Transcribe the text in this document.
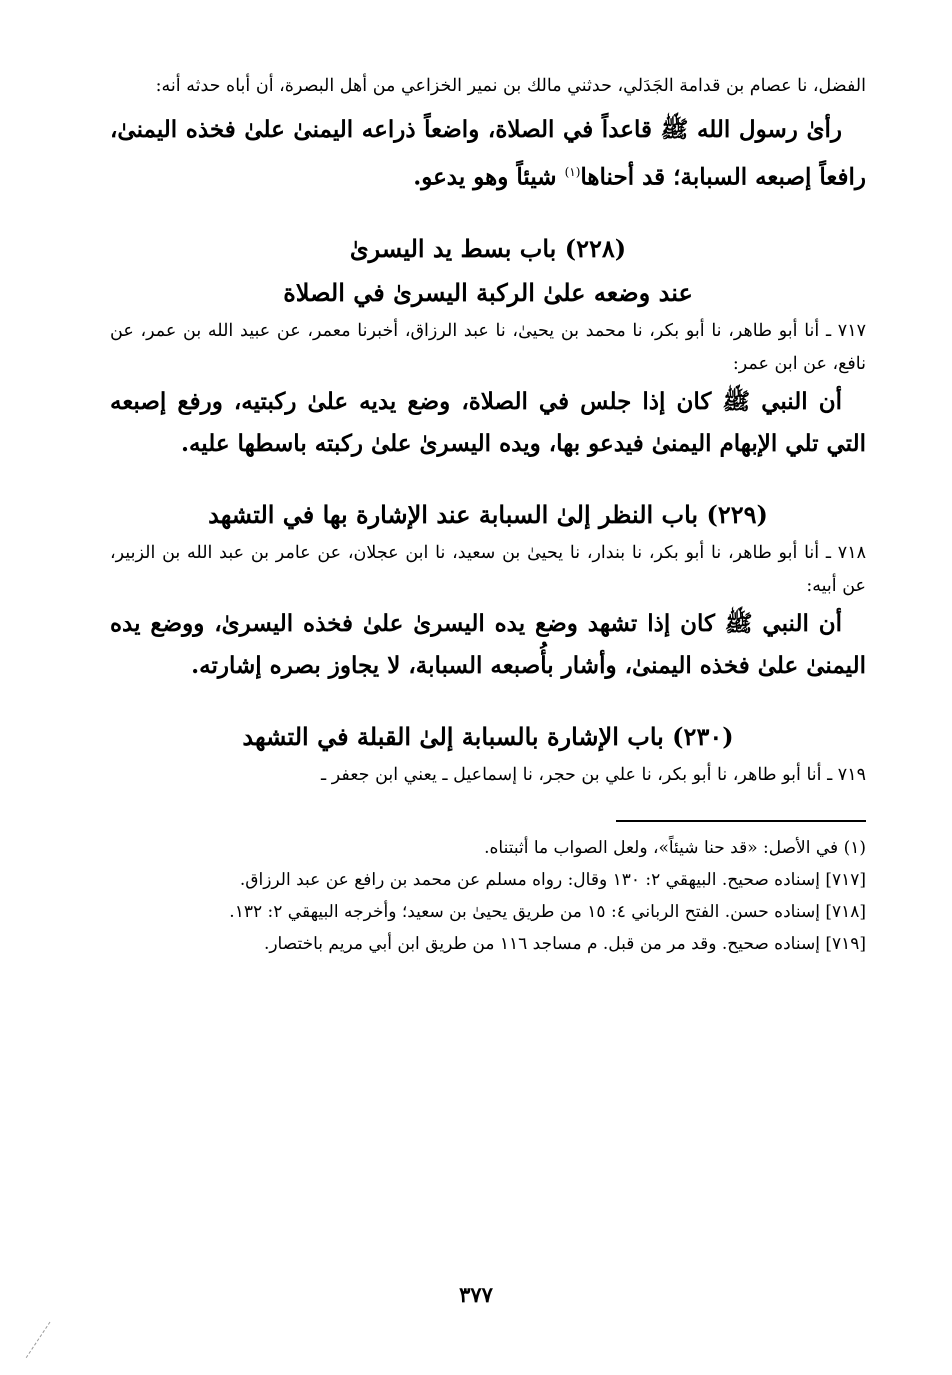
الفضل، نا عصام بن قدامة الجَدَلي، حدثني مالك بن نمير الخزاعي من أهل البصرة، أن أباه حدثه أنه:

رأىٰ رسول الله ﷺ قاعداً في الصلاة، واضعاً ذراعه اليمنىٰ علىٰ فخذه اليمنىٰ، رافعاً إصبعه السبابة؛ قد أحناها$^{(١)}$ شيئاً وهو يدعو.

(٢٢٨) باب بسط يد اليسرىٰ
عند وضعه علىٰ الركبة اليسرىٰ في الصلاة

٧١٧ ـ أنا أبو طاهر، نا أبو بكر، نا محمد بن يحيىٰ، نا عبد الرزاق، أخبرنا معمر، عن عبيد الله بن عمر، عن نافع، عن ابن عمر:

أن النبي ﷺ كان إذا جلس في الصلاة، وضع يديه علىٰ ركبتيه، ورفع إصبعه التي تلي الإبهام اليمنىٰ فيدعو بها، ويده اليسرىٰ علىٰ ركبته باسطها عليه.

(٢٢٩) باب النظر إلىٰ السبابة عند الإشارة بها في التشهد

٧١٨ ـ أنا أبو طاهر، نا أبو بكر، نا بندار، نا يحيىٰ بن سعيد، نا ابن عجلان، عن عامر بن عبد الله بن الزبير، عن أبيه:

أن النبي ﷺ كان إذا تشهد وضع يده اليسرىٰ علىٰ فخذه اليسرىٰ، ووضع يده اليمنىٰ علىٰ فخذه اليمنىٰ، وأشار بأُصبعه السبابة، لا يجاوز بصره إشارته.

(٢٣٠) باب الإشارة بالسبابة إلىٰ القبلة في التشهد

٧١٩ ـ أنا أبو طاهر، نا أبو بكر، نا علي بن حجر، نا إسماعيل ـ يعني ابن جعفر ـ

(١) في الأصل: «قد حنا شيئاً»، ولعل الصواب ما أثبتناه.

[٧١٧] إسناده صحيح. البيهقي ٢: ١٣٠ وقال: رواه مسلم عن محمد بن رافع عن عبد الرزاق.

[٧١٨] إسناده حسن. الفتح الرباني ٤: ١٥ من طريق يحيىٰ بن سعيد؛ وأخرجه البيهقي ٢: ١٣٢.

[٧١٩] إسناده صحيح. وقد مر من قبل. م مساجد ١١٦ من طريق ابن أبي مريم باختصار.

٣٧٧
